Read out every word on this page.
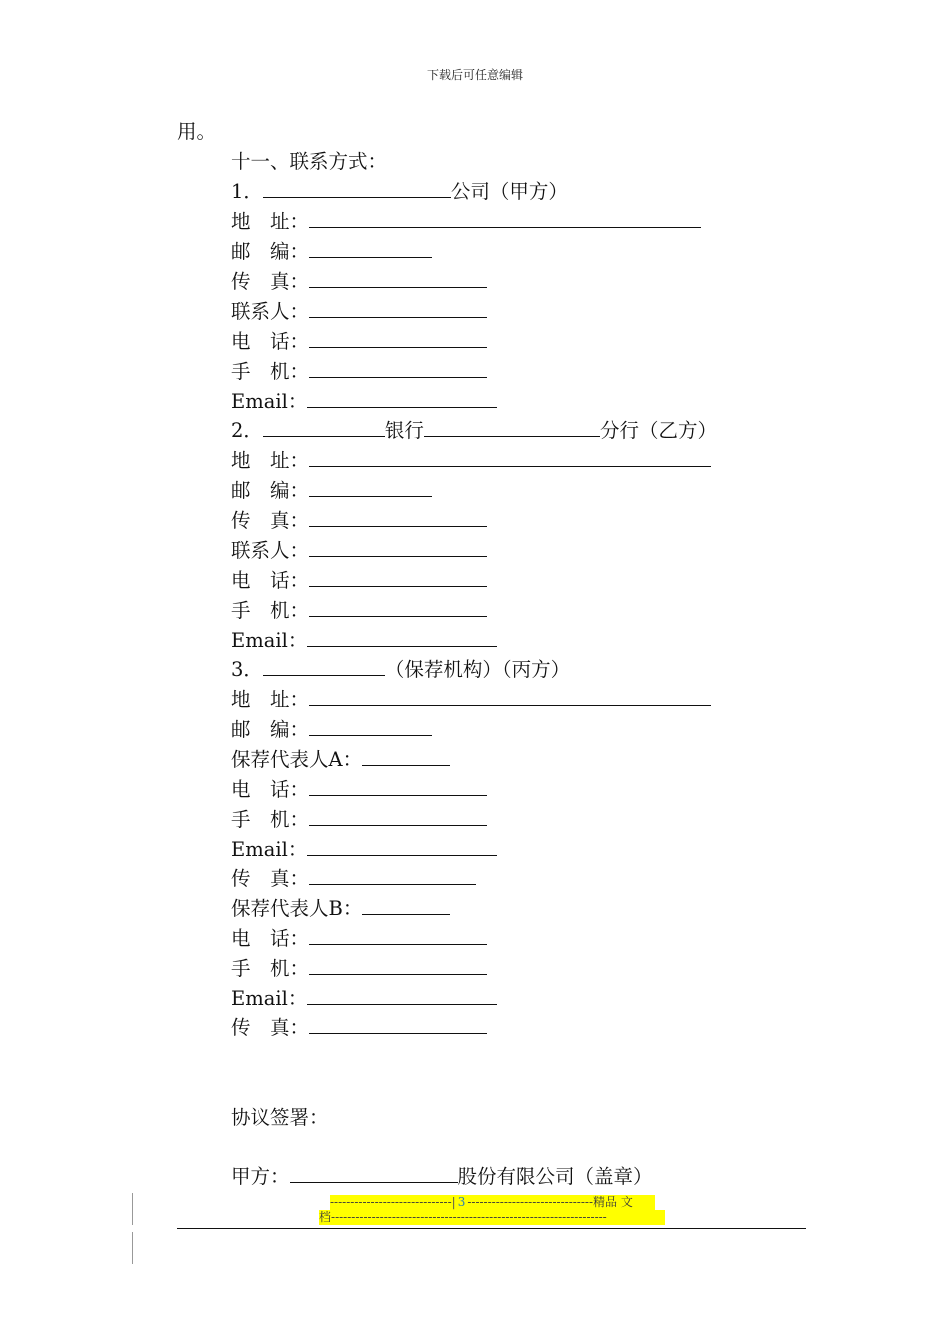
下载后可任意编辑
用。
十一、联系方式：
1．	公司（甲方）
地　址：
邮　编：
传　真：
联系人：
电　话：
手　机：
Email：
2．	银行	分行（乙方）
地　址：
邮　编：
传　真：
联系人：
电　话：
手　机：
Email：
3．	（保荐机构）（丙方）
地　址：
邮　编：
保荐代表人A：
电　话：
手　机：
Email：
传　真：
保荐代表人B：
电　话：
手　机：
Email：
传　真：
协议签署：
甲方：	股份有限公司（盖章）
------------------------------| 3 -------------------------------精品 文
档--------------------------------------------------------------------
